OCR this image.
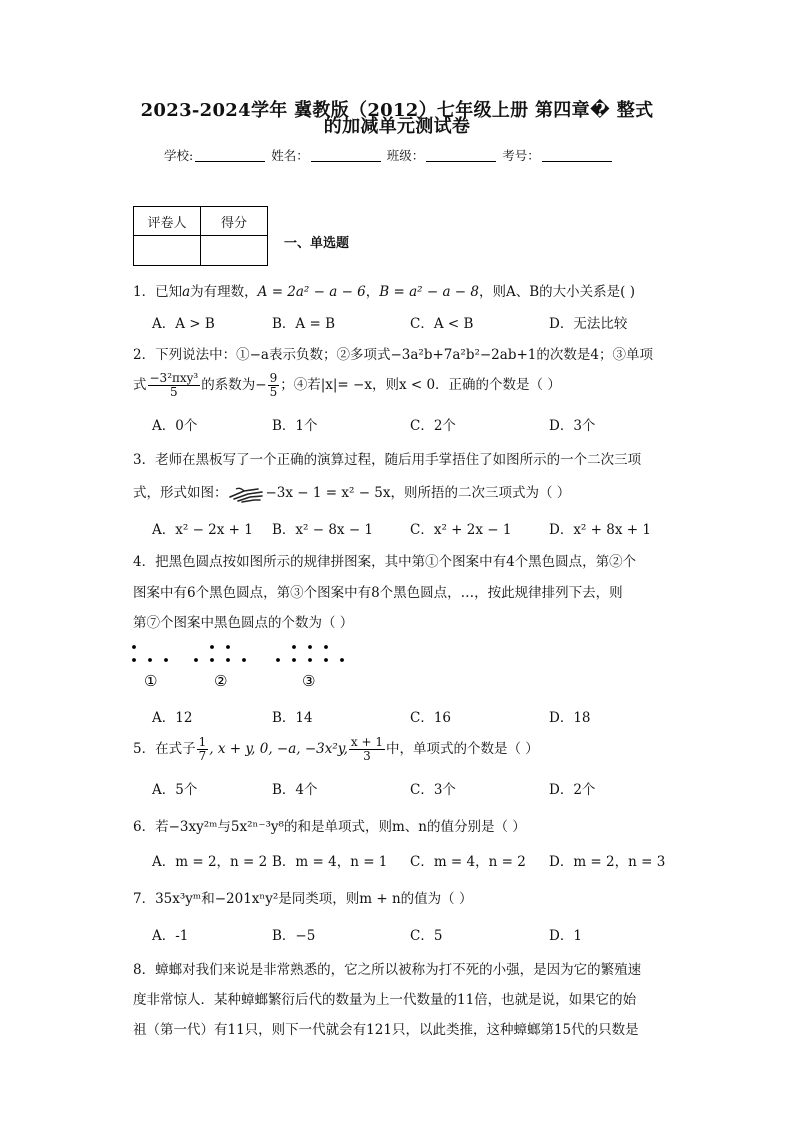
2023-2024学年 冀教版（2012）七年级上册 第四章� 整式
的加减单元测试卷
学校:	姓名：	班级：	考号：
评卷人	得分

一、单选题
1．已知a为有理数，A = 2a² − a − 6，B = a² − a − 8，则A、B的大小关系是( )
A．A > B	B．A = B	C．A < B	D．无法比较
2．下列说法中：①−a表示负数；②多项式−3a²b+7a²b²−2ab+1的次数是4；③单项
式 $\frac{\text{−3²πxy³}}{5}$ 的系数为− $\frac{9}{5}$ ；④若|x|= −x，则x < 0．正确的个数是（ ）
A．0个	B．1个	C．2个	D．3个
3．老师在黑板写了一个正确的演算过程，随后用手掌捂住了如图所示的一个二次三项
式，形式如图：	−3x − 1 = x² − 5x，则所捂的二次三项式为（ ）
A．x² − 2x + 1 B．x² − 8x − 1	C．x² + 2x − 1	D．x² + 8x + 1
4．把黑色圆点按如图所示的规律拼图案，其中第①个图案中有4个黑色圆点，第②个
图案中有6个黑色圆点，第③个图案中有8个黑色圆点，…，按此规律排列下去，则
第⑦个图案中黑色圆点的个数为（ ）
①	②	③
A．12	B．14	C．16	D．18
5．在式子 $\frac{1}{7}$ , x + y, 0, −a, −3x²y, $\frac{x + 1}{3}$ 中，单项式的个数是（ ）
A．5个	B．4个	C．3个	D．2个
6．若−3xy²ᵐ与5x²ⁿ⁻³y⁸的和是单项式，则m、n的值分别是（ ）
A．m = 2，n = 2 B．m = 4，n = 1 C．m = 4，n = 2 D．m = 2，n = 3
7．35x³yᵐ和−201xⁿy²是同类项，则m + n的值为（ ）
A．-1	B．−5	C．5	D．1
8．蟑螂对我们来说是非常熟悉的，它之所以被称为打不死的小强，是因为它的繁殖速
度非常惊人．某种蟑螂繁衍后代的数量为上一代数量的11倍，也就是说，如果它的始
祖（第一代）有11只，则下一代就会有121只，以此类推，这种蟑螂第15代的只数是
